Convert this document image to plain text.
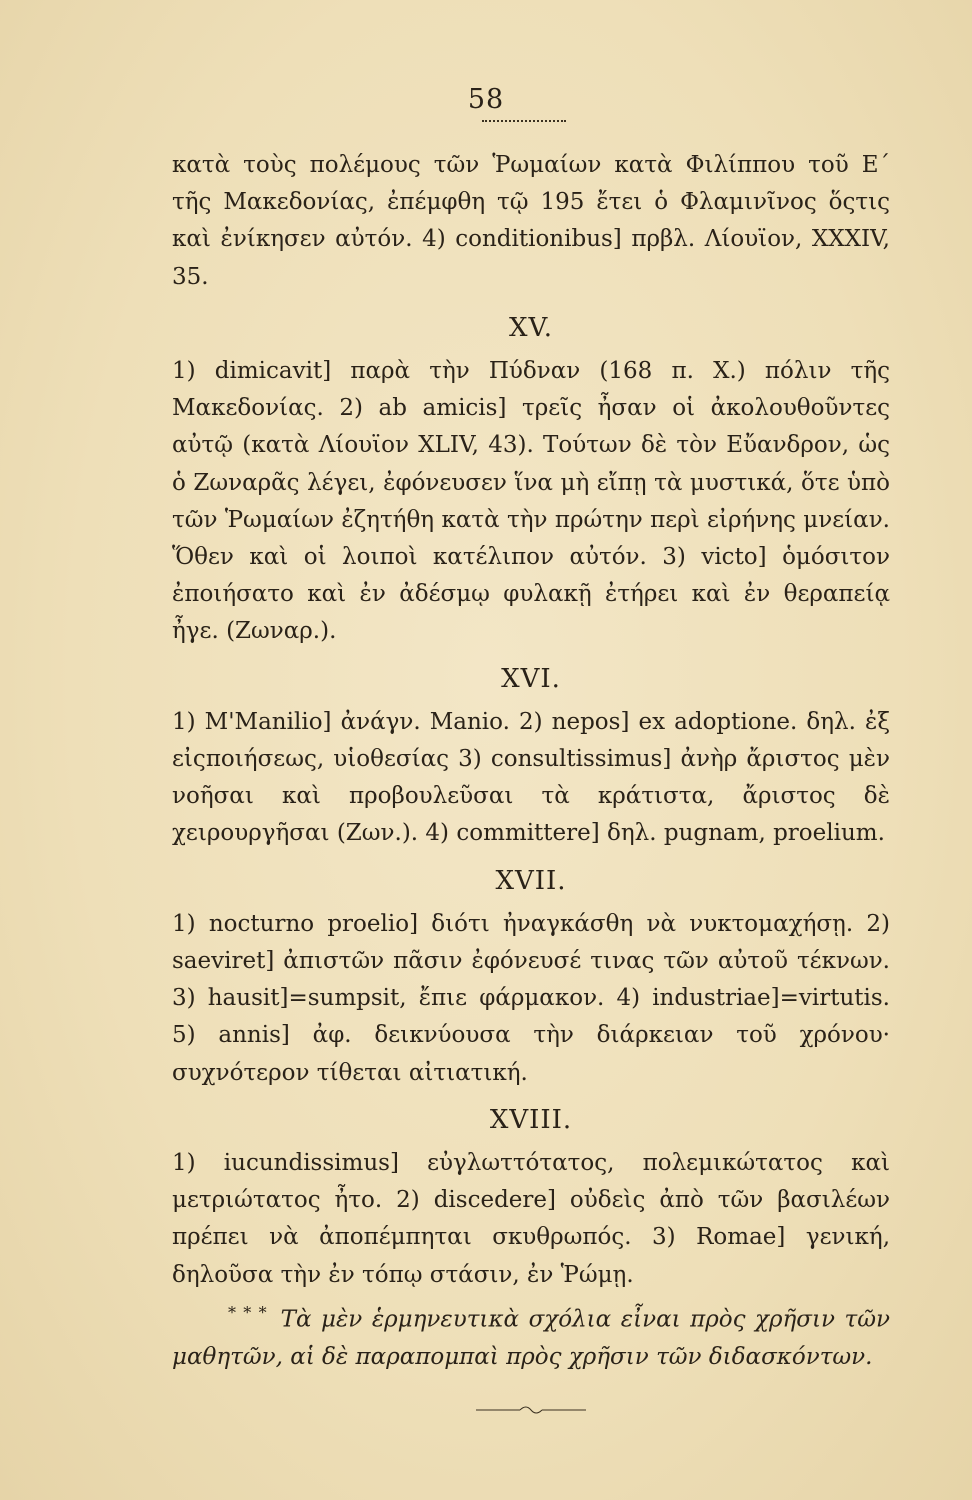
58

κατὰ τοὺς πολέμους τῶν Ῥωμαίων κατὰ Φιλίππου τοῦ Ε΄ τῆς Μακεδονίας, ἐπέμφθη τῷ 195 ἔτει ὁ Φλαμινῖνος ὅςτις καὶ ἐνίκησεν αὐτόν. 4) conditionibus] πρβλ. Λίουϊον, XXXIV, 35.

XV.

1) dimicavit] παρὰ τὴν Πύδναν (168 π. Χ.) πόλιν τῆς Μακεδονίας. 2) ab amicis] τρεῖς ἦσαν οἱ ἀκολουθοῦντες αὐτῷ (κατὰ Λίουϊον XLIV, 43). Τούτων δὲ τὸν Εὔανδρον, ὡς ὁ Ζωναρᾶς λέγει, ἐφόνευσεν ἵνα μὴ εἴπῃ τὰ μυστικά, ὅτε ὑπὸ τῶν Ῥωμαίων ἐζητήθη κατὰ τὴν πρώτην περὶ εἰρήνης μνείαν. Ὅθεν καὶ οἱ λοιποὶ κατέλιπον αὐτόν. 3) victo] ὁμόσιτον ἐποιήσατο καὶ ἐν ἀδέσμῳ φυλακῇ ἐτήρει καὶ ἐν θεραπείᾳ ἦγε. (Ζωναρ.).

XVI.

1) M'Manilio] ἀνάγν. Manio. 2) nepos] ex adoptione. δηλ. ἐξ εἰςποιήσεως, υἱοθεσίας 3) consultissimus] ἀνὴρ ἄριστος μὲν νοῆσαι καὶ προβουλεῦσαι τὰ κράτιστα, ἄριστος δὲ χειρουργῆσαι (Ζων.). 4) committere] δηλ. pugnam, proelium.

XVII.

1) nocturno proelio] διότι ἠναγκάσθη νὰ νυκτομαχήσῃ. 2) saeviret] ἀπιστῶν πᾶσιν ἐφόνευσέ τινας τῶν αὐτοῦ τέκνων. 3) hausit]=sumpsit, ἔπιε φάρμακον. 4) industriae]=virtutis. 5) annis] ἀφ. δεικνύουσα τὴν διάρκειαν τοῦ χρόνου· συχνότερον τίθεται αἰτιατική.

XVIII.

1) iucundissimus] εὐγλωττότατος, πολεμικώτατος καὶ μετριώτατος ἦτο. 2) discedere] οὐδεὶς ἀπὸ τῶν βασιλέων πρέπει νὰ ἀποπέμπηται σκυθρωπός. 3) Romae] γενική, δηλοῦσα τὴν ἐν τόπῳ στάσιν, ἐν Ῥώμῃ.

* * * Τὰ μὲν ἑρμηνευτικὰ σχόλια εἶναι πρὸς χρῆσιν τῶν μαθητῶν, αἱ δὲ παραπομπαὶ πρὸς χρῆσιν τῶν διδασκόντων.
